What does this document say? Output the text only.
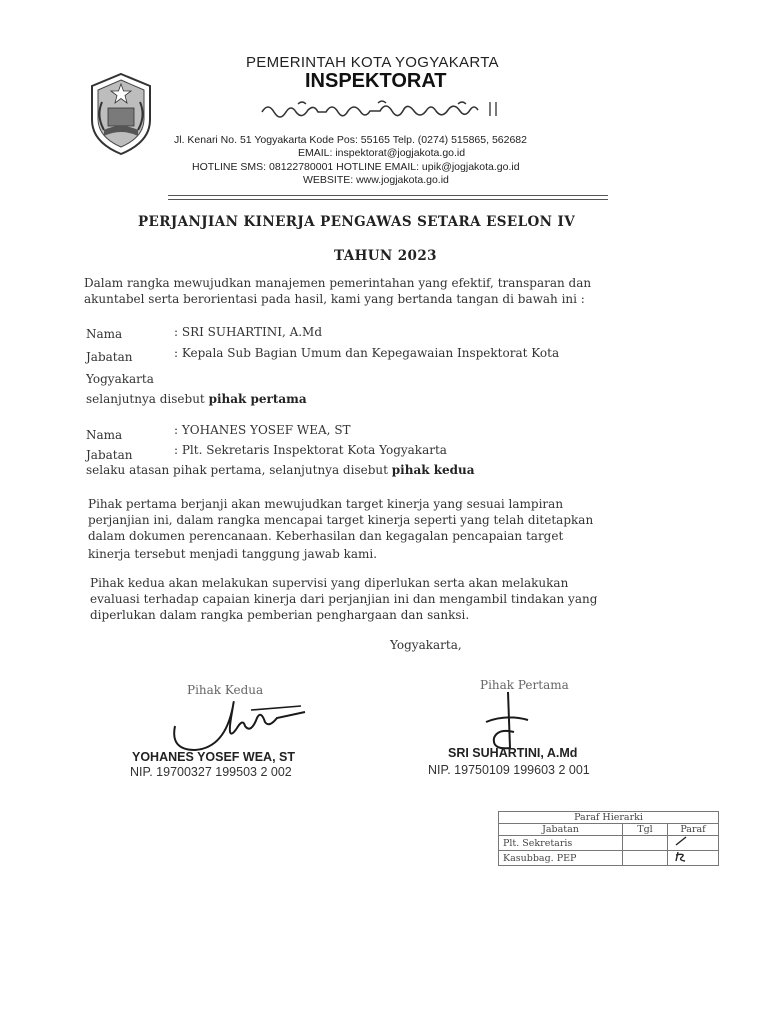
PEMERINTAH KOTA YOGYAKARTA
INSPEKTORAT
Jl. Kenari No. 51 Yogyakarta Kode Pos: 55165 Telp. (0274) 515865, 562682
EMAIL: inspektorat@jogjakota.go.id
HOTLINE SMS: 08122780001 HOTLINE EMAIL: upik@jogjakota.go.id
WEBSITE: www.jogjakota.go.id
PERJANJIAN KINERJA PENGAWAS SETARA ESELON IV
TAHUN 2023
Dalam rangka mewujudkan manajemen pemerintahan yang efektif, transparan dan
akuntabel serta berorientasi pada hasil, kami yang bertanda tangan di bawah ini :
Nama	: SRI SUHARTINI, A.Md
Jabatan	: Kepala Sub Bagian Umum dan Kepegawaian Inspektorat Kota
Yogyakarta
selanjutnya disebut pihak pertama
Nama	: YOHANES YOSEF WEA, ST
Jabatan	: Plt. Sekretaris Inspektorat Kota Yogyakarta
selaku atasan pihak pertama, selanjutnya disebut pihak kedua
Pihak pertama berjanji akan mewujudkan target kinerja yang sesuai lampiran
perjanjian ini, dalam rangka mencapai target kinerja seperti yang telah ditetapkan
dalam dokumen perencanaan. Keberhasilan dan kegagalan pencapaian target
kinerja tersebut menjadi tanggung jawab kami.
Pihak kedua akan melakukan supervisi yang diperlukan serta akan melakukan
evaluasi terhadap capaian kinerja dari perjanjian ini dan mengambil tindakan yang
diperlukan dalam rangka pemberian penghargaan dan sanksi.
Yogyakarta,
Pihak Kedua	Pihak Pertama
YOHANES YOSEF WEA, ST
NIP. 19700327 199503 2 002
SRI SUHARTINI, A.Md
NIP. 19750109 199603 2 001
Paraf Hierarki		
Jabatan	Tgl	Paraf
Plt. Sekretaris		
Kasubbag. PEP		
